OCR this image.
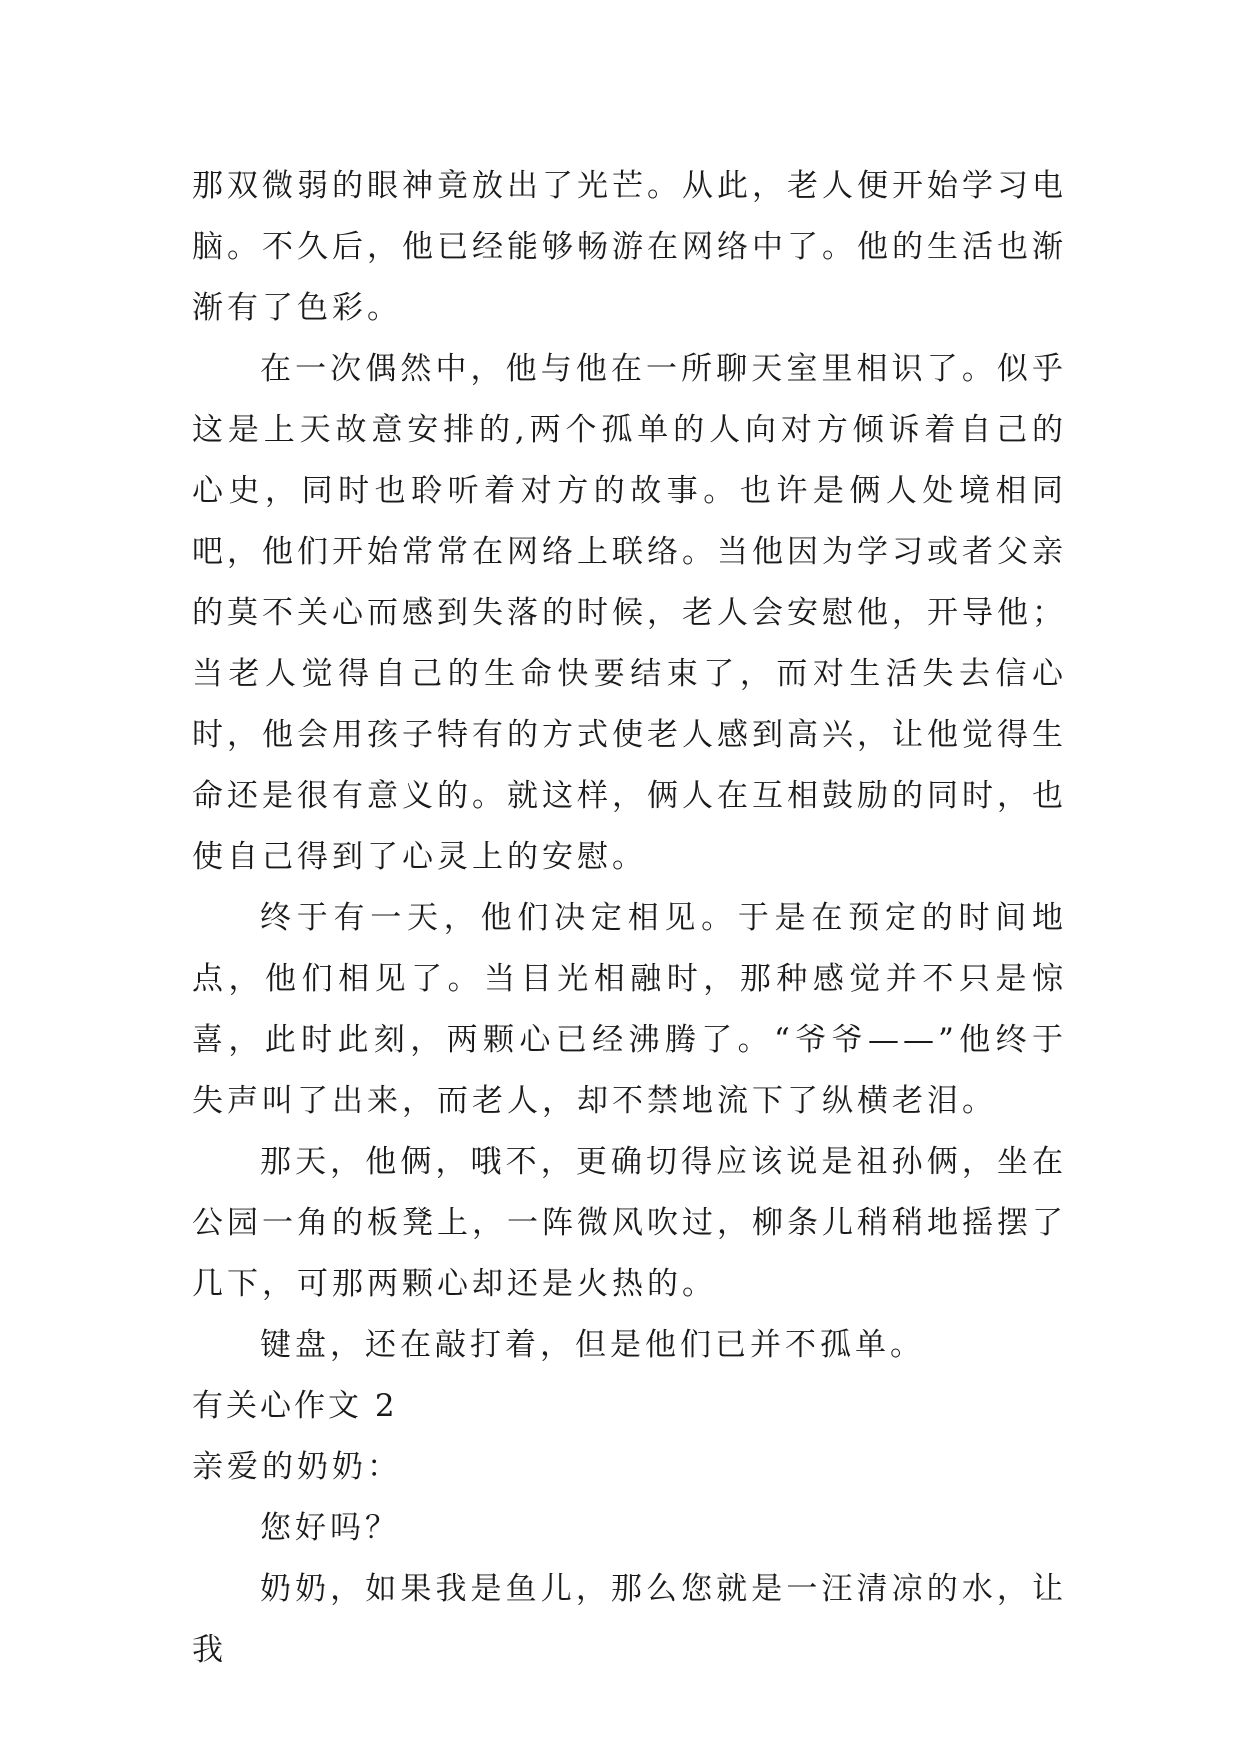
那双微弱的眼神竟放出了光芒。从此，老人便开始学习电脑。不久后，他已经能够畅游在网络中了。他的生活也渐渐有了色彩。

在一次偶然中，他与他在一所聊天室里相识了。似乎这是上天故意安排的,两个孤单的人向对方倾诉着自己的心史，同时也聆听着对方的故事。也许是俩人处境相同吧，他们开始常常在网络上联络。当他因为学习或者父亲的莫不关心而感到失落的时候，老人会安慰他，开导他；当老人觉得自己的生命快要结束了，而对生活失去信心时，他会用孩子特有的方式使老人感到高兴，让他觉得生命还是很有意义的。就这样，俩人在互相鼓励的同时，也使自己得到了心灵上的安慰。

终于有一天，他们决定相见。于是在预定的时间地点，他们相见了。当目光相融时，那种感觉并不只是惊喜，此时此刻，两颗心已经沸腾了。“爷爷——”他终于失声叫了出来，而老人，却不禁地流下了纵横老泪。

那天，他俩，哦不，更确切得应该说是祖孙俩，坐在公园一角的板凳上，一阵微风吹过，柳条儿稍稍地摇摆了几下，可那两颗心却还是火热的。

键盘，还在敲打着，但是他们已并不孤单。

有关心作文 2

亲爱的奶奶：

您好吗？

奶奶，如果我是鱼儿，那么您就是一汪清凉的水，让我
